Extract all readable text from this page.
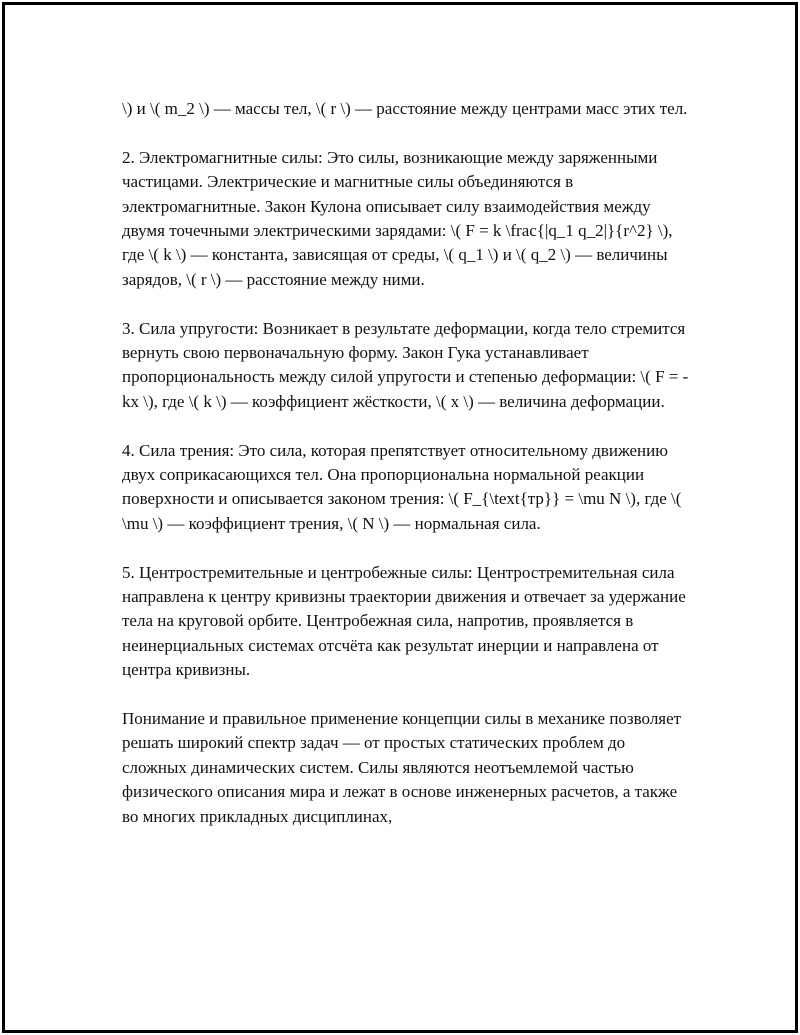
\) и \( m_2 \) — массы тел, \( r \) — расстояние между центрами масс этих тел.

2. Электромагнитные силы: Это силы, возникающие между заряженными частицами. Электрические и магнитные силы объединяются в электромагнитные. Закон Кулона описывает силу взаимодействия между двумя точечными электрическими зарядами: \( F = k \frac{|q_1 q_2|}{r^2} \), где \( k \) — константа, зависящая от среды, \( q_1 \) и \( q_2 \) — величины зарядов, \( r \) — расстояние между ними.

3. Сила упругости: Возникает в результате деформации, когда тело стремится вернуть свою первоначальную форму. Закон Гука устанавливает пропорциональность между силой упругости и степенью деформации: \( F = -kx \), где \( k \) — коэффициент жёсткости, \( x \) — величина деформации.

4. Сила трения: Это сила, которая препятствует относительному движению двух соприкасающихся тел. Она пропорциональна нормальной реакции поверхности и описывается законом трения: \( F_{\text{тр}} = \mu N \), где \( \mu \) — коэффициент трения, \( N \) — нормальная сила.

5. Центростремительные и центробежные силы: Центростремительная сила направлена к центру кривизны траектории движения и отвечает за удержание тела на круговой орбите. Центробежная сила, напротив, проявляется в неинерциальных системах отсчёта как результат инерции и направлена от центра кривизны.

Понимание и правильное применение концепции силы в механике позволяет решать широкий спектр задач — от простых статических проблем до сложных динамических систем. Силы являются неотъемлемой частью физического описания мира и лежат в основе инженерных расчетов, а также во многих прикладных дисциплинах,
